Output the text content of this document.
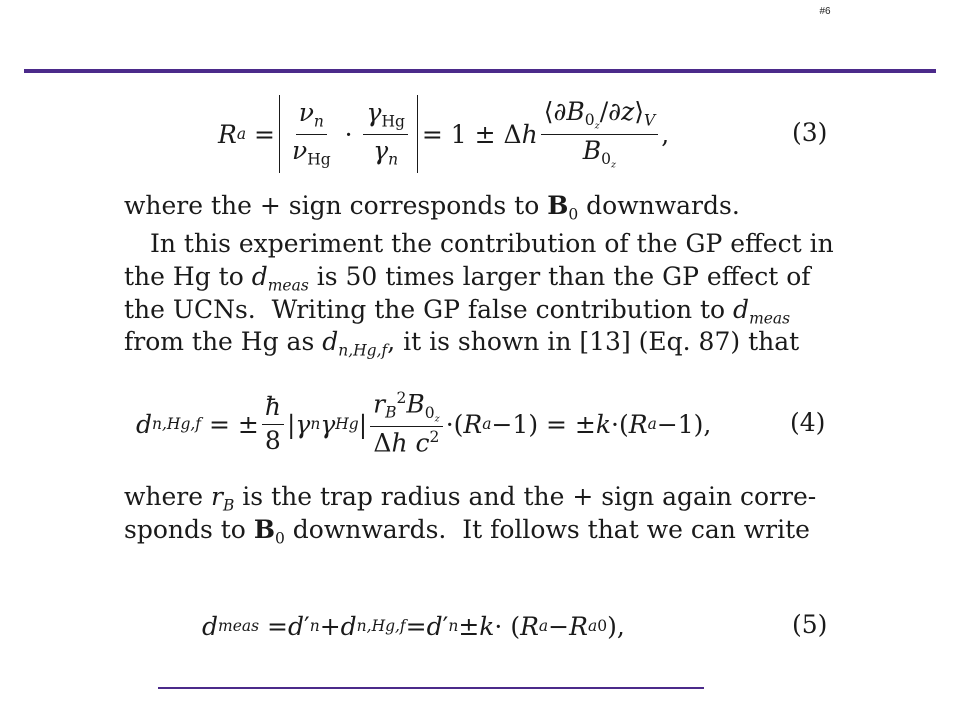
#6
R $a = \frac{\nu_n}{\nu_{Hg}} \cdot \frac{\gamma_{Hg}}{\gamma_n} = 1 \pm \Delta$ h $\frac{⟨\partial B_{0_z}/\partial z⟩_V}{B_{0_z}}$ ,	(3)
where the + sign corresponds to $B_0$ downwards.
In this experiment the contribution of the GP effect in
the Hg to $d_{meas}$ is 50 times larger than the GP effect of
the UCNs.  Writing the GP false contribution to $d_{meas}$
from the Hg as $d_{n,Hg,f}$, it is shown in [13] (Eq. 87) that
d n,Hg,f = ± $\frac{ħ}{8}$ | γ n γ Hg | $\frac{r_B^2B_{0_z}}{\Delta h c^2}$ ·( R a −1) = ± k ·( R a −1),	(4)
where $r_B$ is the trap radius and the + sign again corre-
sponds to $B_0$ downwards.  It follows that we can write
d meas = d ′ n + d n,Hg,f = d ′ n ± k · ( R a − R a0 ),	(5)
